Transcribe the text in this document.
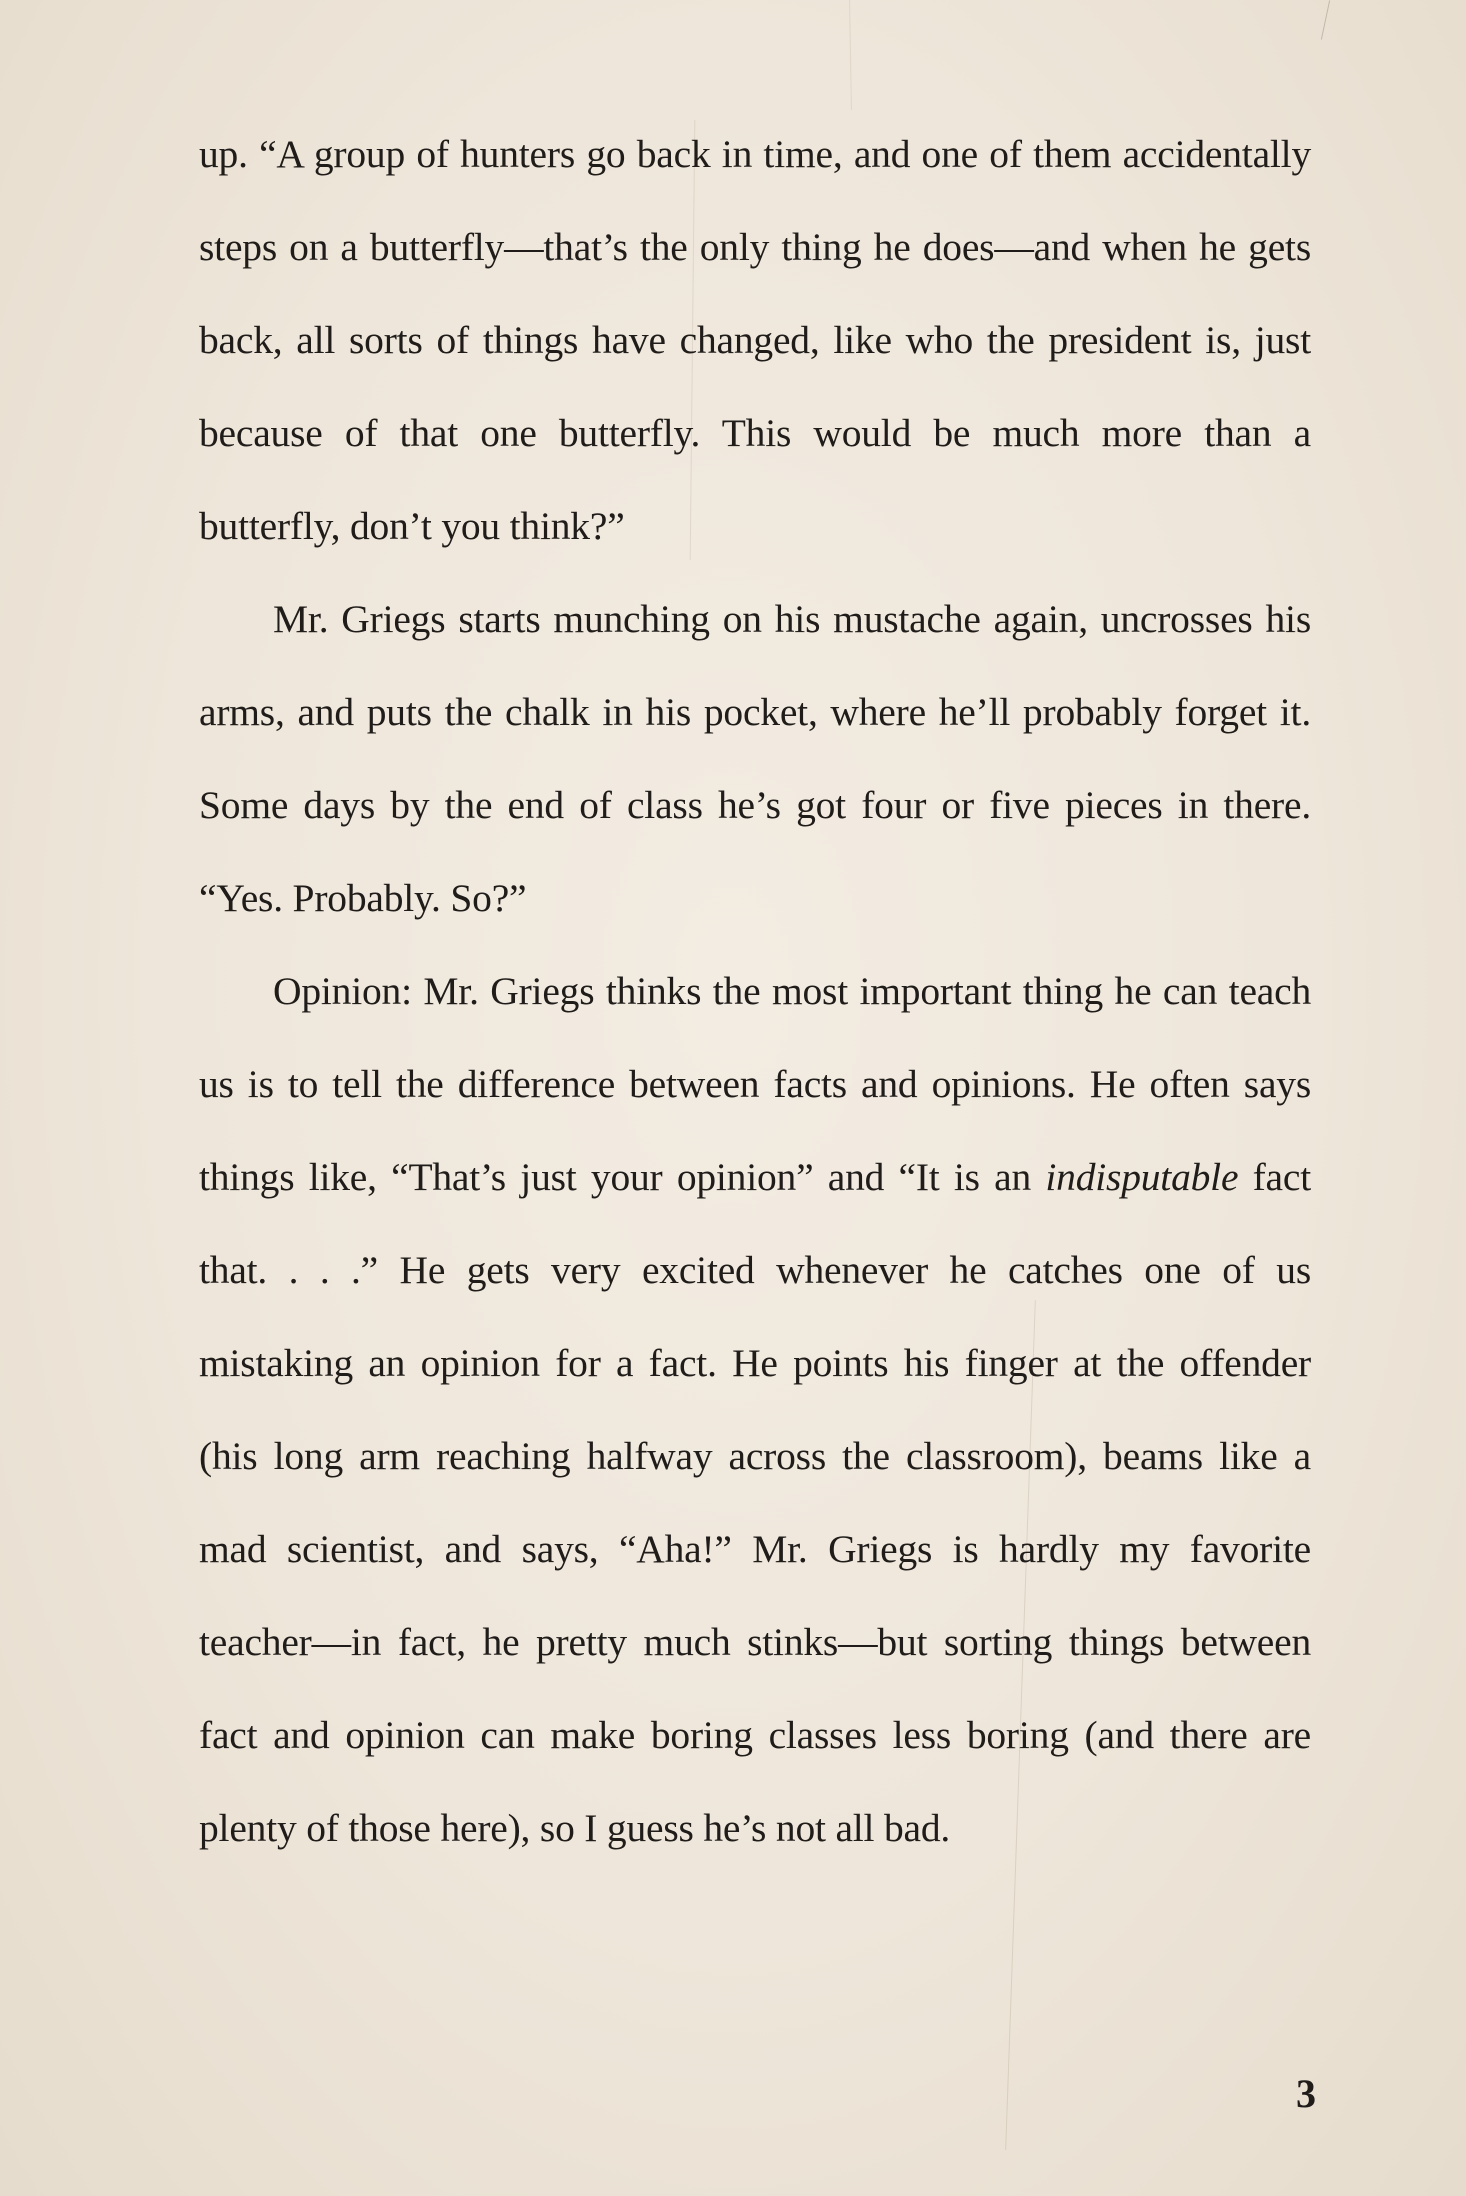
up. “A group of hunters go back in time, and one of them accidentally steps on a butterfly—that’s the only thing he does—and when he gets back, all sorts of things have changed, like who the president is, just because of that one butterfly. This would be much more than a butterfly, don’t you think?”

Mr. Griegs starts munching on his mustache again, uncrosses his arms, and puts the chalk in his pocket, where he’ll probably forget it. Some days by the end of class he’s got four or five pieces in there. “Yes. Probably. So?”

Opinion: Mr. Griegs thinks the most important thing he can teach us is to tell the difference between facts and opinions. He often says things like, “That’s just your opinion” and “It is an indisputable fact that. . . .” He gets very excited whenever he catches one of us mistaking an opinion for a fact. He points his finger at the offender (his long arm reaching halfway across the classroom), beams like a mad scientist, and says, “Aha!” Mr. Griegs is hardly my favorite teacher—in fact, he pretty much stinks—but sorting things between fact and opinion can make boring classes less boring (and there are plenty of those here), so I guess he’s not all bad.

3
